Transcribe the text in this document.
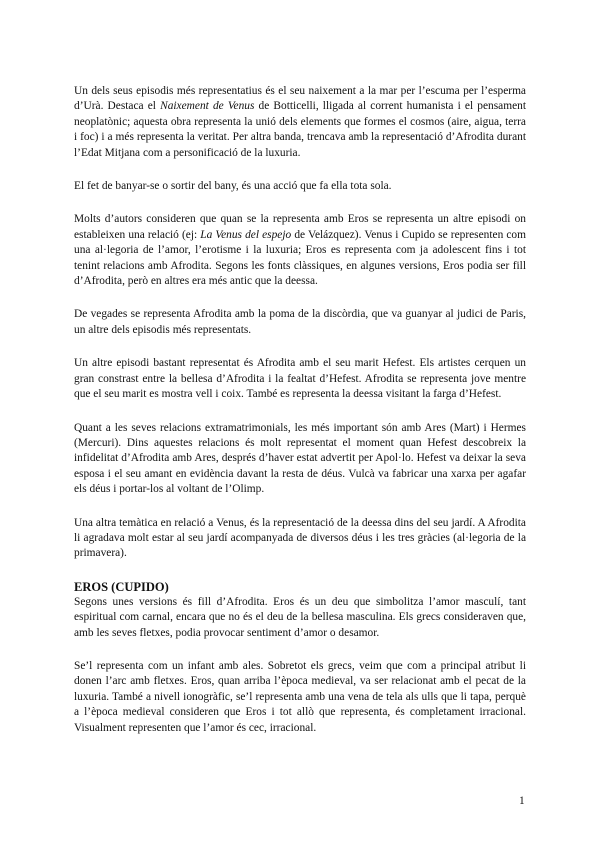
Un dels seus episodis més representatius és el seu naixement a la mar per l’escuma per l’esperma d’Urà. Destaca el Naixement de Venus de Botticelli, lligada al corrent humanista i el pensament neoplatònic; aquesta obra representa la unió dels elements que formes el cosmos (aire, aigua, terra i foc) i a més representa la veritat. Per altra banda, trencava amb la representació d’Afrodita durant l’Edat Mitjana com a personificació de la luxuria.

El fet de banyar-se o sortir del bany, és una acció que fa ella tota sola.

Molts d’autors consideren que quan se la representa amb Eros se representa un altre episodi on estableixen una relació (ej: La Venus del espejo de Velázquez). Venus i Cupido se representen com una al·legoria de l’amor, l’erotisme i la luxuria; Eros es representa com ja adolescent fins i tot tenint relacions amb Afrodita. Segons les fonts clàssiques, en algunes versions, Eros podia ser fill d’Afrodita, però en altres era més antic que la deessa.

De vegades se representa Afrodita amb la poma de la discòrdia, que va guanyar al judici de Paris, un altre dels episodis més representats.

Un altre episodi bastant representat és Afrodita amb el seu marit Hefest. Els artistes cerquen un gran constrast entre la bellesa d’Afrodita i la fealtat d’Hefest. Afrodita se representa jove mentre que el seu marit es mostra vell i coix. També es representa la deessa visitant la farga d’Hefest.

Quant a les seves relacions extramatrimonials, les més important són amb Ares (Mart) i Hermes (Mercuri). Dins aquestes relacions és molt representat el moment quan Hefest descobreix la infidelitat d’Afrodita amb Ares, després d’haver estat advertit per Apol·lo. Hefest va deixar la seva esposa i el seu amant en evidència davant la resta de déus. Vulcà va fabricar una xarxa per agafar els déus i portar-los al voltant de l’Olimp.

Una altra temàtica en relació a Venus, és la representació de la deessa dins del seu jardí. A Afrodita li agradava molt estar al seu jardí acompanyada de diversos déus i les tres gràcies (al·legoria de la primavera).

EROS (CUPIDO)

Segons unes versions és fill d’Afrodita. Eros és un deu que simbolitza l’amor masculí, tant espiritual com carnal, encara que no és el deu de la bellesa masculina. Els grecs consideraven que, amb les seves fletxes, podia provocar sentiment d’amor o desamor.

Se’l representa com un infant amb ales. Sobretot els grecs, veim que com a principal atribut li donen l’arc amb fletxes. Eros, quan arriba l’època medieval, va ser relacionat amb el pecat de la luxuria. També a nivell ionogràfic, se’l representa amb una vena de tela als ulls que li tapa, perquè a l’època medieval consideren que Eros i tot allò que representa, és completament irracional. Visualment representen que l’amor és cec, irracional.

1
